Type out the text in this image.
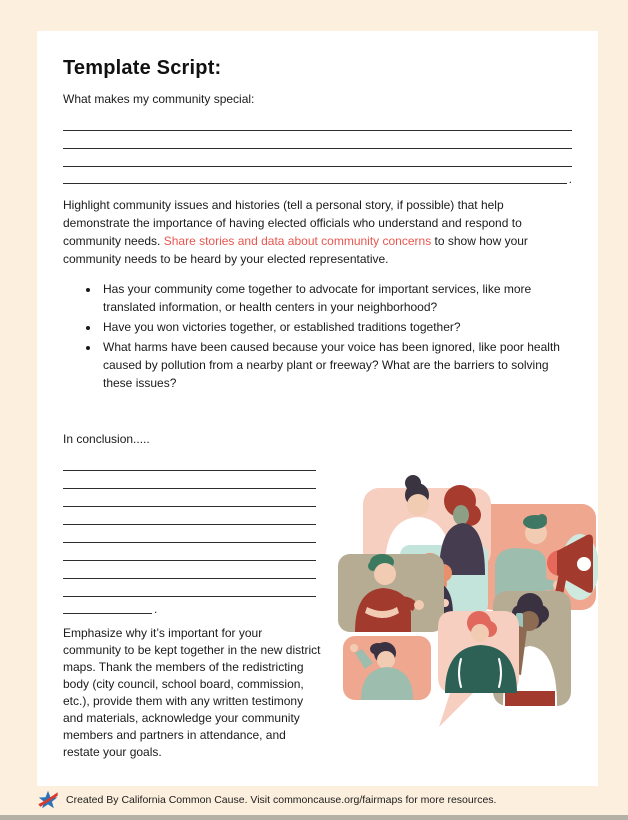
Template Script:
What makes my community special:
.

Highlight community issues and histories (tell a personal story, if possible) that help demonstrate the importance of having elected officials who understand and respond to community needs. Share stories and data about community concerns to show how your community needs to be heard by your elected representative.

• Has your community come together to advocate for important services, like more translated information, or health centers in your neighborhood?
• Have you won victories together, or established traditions together?
• What harms have been caused because your voice has been ignored, like poor health caused by pollution from a nearby plant or freeway? What are the barriers to solving these issues?
In conclusion.....
.

Emphasize why it’s important for your community to be kept together in the new district maps. Thank the members of the redistricting body (city council, school board, commission, etc.), provide them with any written testimony and materials, acknowledge your community members and partners in attendance, and restate your goals.

Created By California Common Cause. Visit commoncause.org/fairmaps for more resources.
